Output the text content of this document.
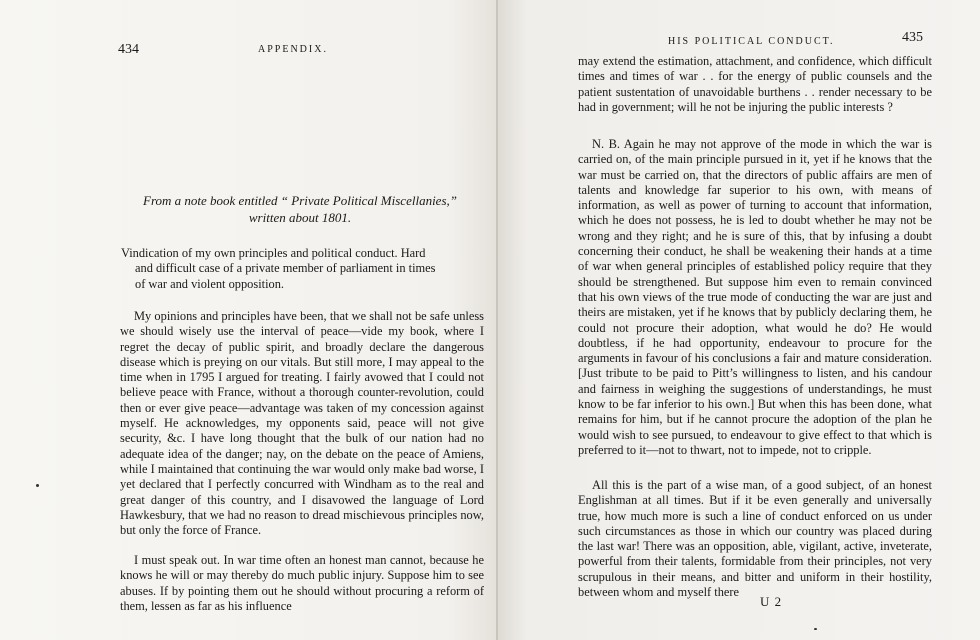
434	APPENDIX.
From a note book entitled “ Private Political Miscellanies,”
written about 1801.
Vindication of my own principles and political conduct. Hard
and difficult case of a private member of parliament in times
of war and violent opposition.

My opinions and principles have been, that we shall not be safe unless we should wisely use the interval of peace—vide my book, where I regret the decay of public spirit, and broadly declare the dangerous disease which is preying on our vitals. But still more, I may appeal to the time when in 1795 I argued for treating. I fairly avowed that I could not believe peace with France, without a thorough counter-revolution, could then or ever give peace—advantage was taken of my concession against myself. He acknowledges, my opponents said, peace will not give security, &c. I have long thought that the bulk of our nation had no adequate idea of the danger; nay, on the debate on the peace of Amiens, while I maintained that continuing the war would only make bad worse, I yet declared that I perfectly concurred with Windham as to the real and great danger of this country, and I disavowed the language of Lord Hawkesbury, that we had no reason to dread mischievous principles now, but only the force of France.

I must speak out. In war time often an honest man cannot, because he knows he will or may thereby do much public injury. Suppose him to see abuses. If by pointing them out he should without procuring a reform of them, lessen as far as his influence

HIS POLITICAL CONDUCT.	435

may extend the estimation, attachment, and confidence, which difficult times and times of war . . for the energy of public counsels and the patient sustentation of unavoidable burthens . . render necessary to be had in government; will he not be injuring the public interests ?

N. B. Again he may not approve of the mode in which the war is carried on, of the main principle pursued in it, yet if he knows that the war must be carried on, that the directors of public affairs are men of talents and knowledge far superior to his own, with means of information, as well as power of turning to account that information, which he does not possess, he is led to doubt whether he may not be wrong and they right; and he is sure of this, that by infusing a doubt concerning their conduct, he shall be weakening their hands at a time of war when general principles of established policy require that they should be strengthened. But suppose him even to remain convinced that his own views of the true mode of conducting the war are just and theirs are mistaken, yet if he knows that by publicly declaring them, he could not procure their adoption, what would he do? He would doubtless, if he had opportunity, endeavour to procure for the arguments in favour of his conclusions a fair and mature consideration. [Just tribute to be paid to Pitt’s willingness to listen, and his candour and fairness in weighing the suggestions of understandings, he must know to be far inferior to his own.] But when this has been done, what remains for him, but if he cannot procure the adoption of the plan he would wish to see pursued, to endeavour to give effect to that which is preferred to it—not to thwart, not to impede, not to cripple.

All this is the part of a wise man, of a good subject, of an honest Englishman at all times. But if it be even generally and universally true, how much more is such a line of conduct enforced on us under such circumstances as those in which our country was placed during the last war! There was an opposition, able, vigilant, active, inveterate, powerful from their talents, formidable from their principles, not very scrupulous in their means, and bitter and uniform in their hostility, between whom and myself there

U 2
